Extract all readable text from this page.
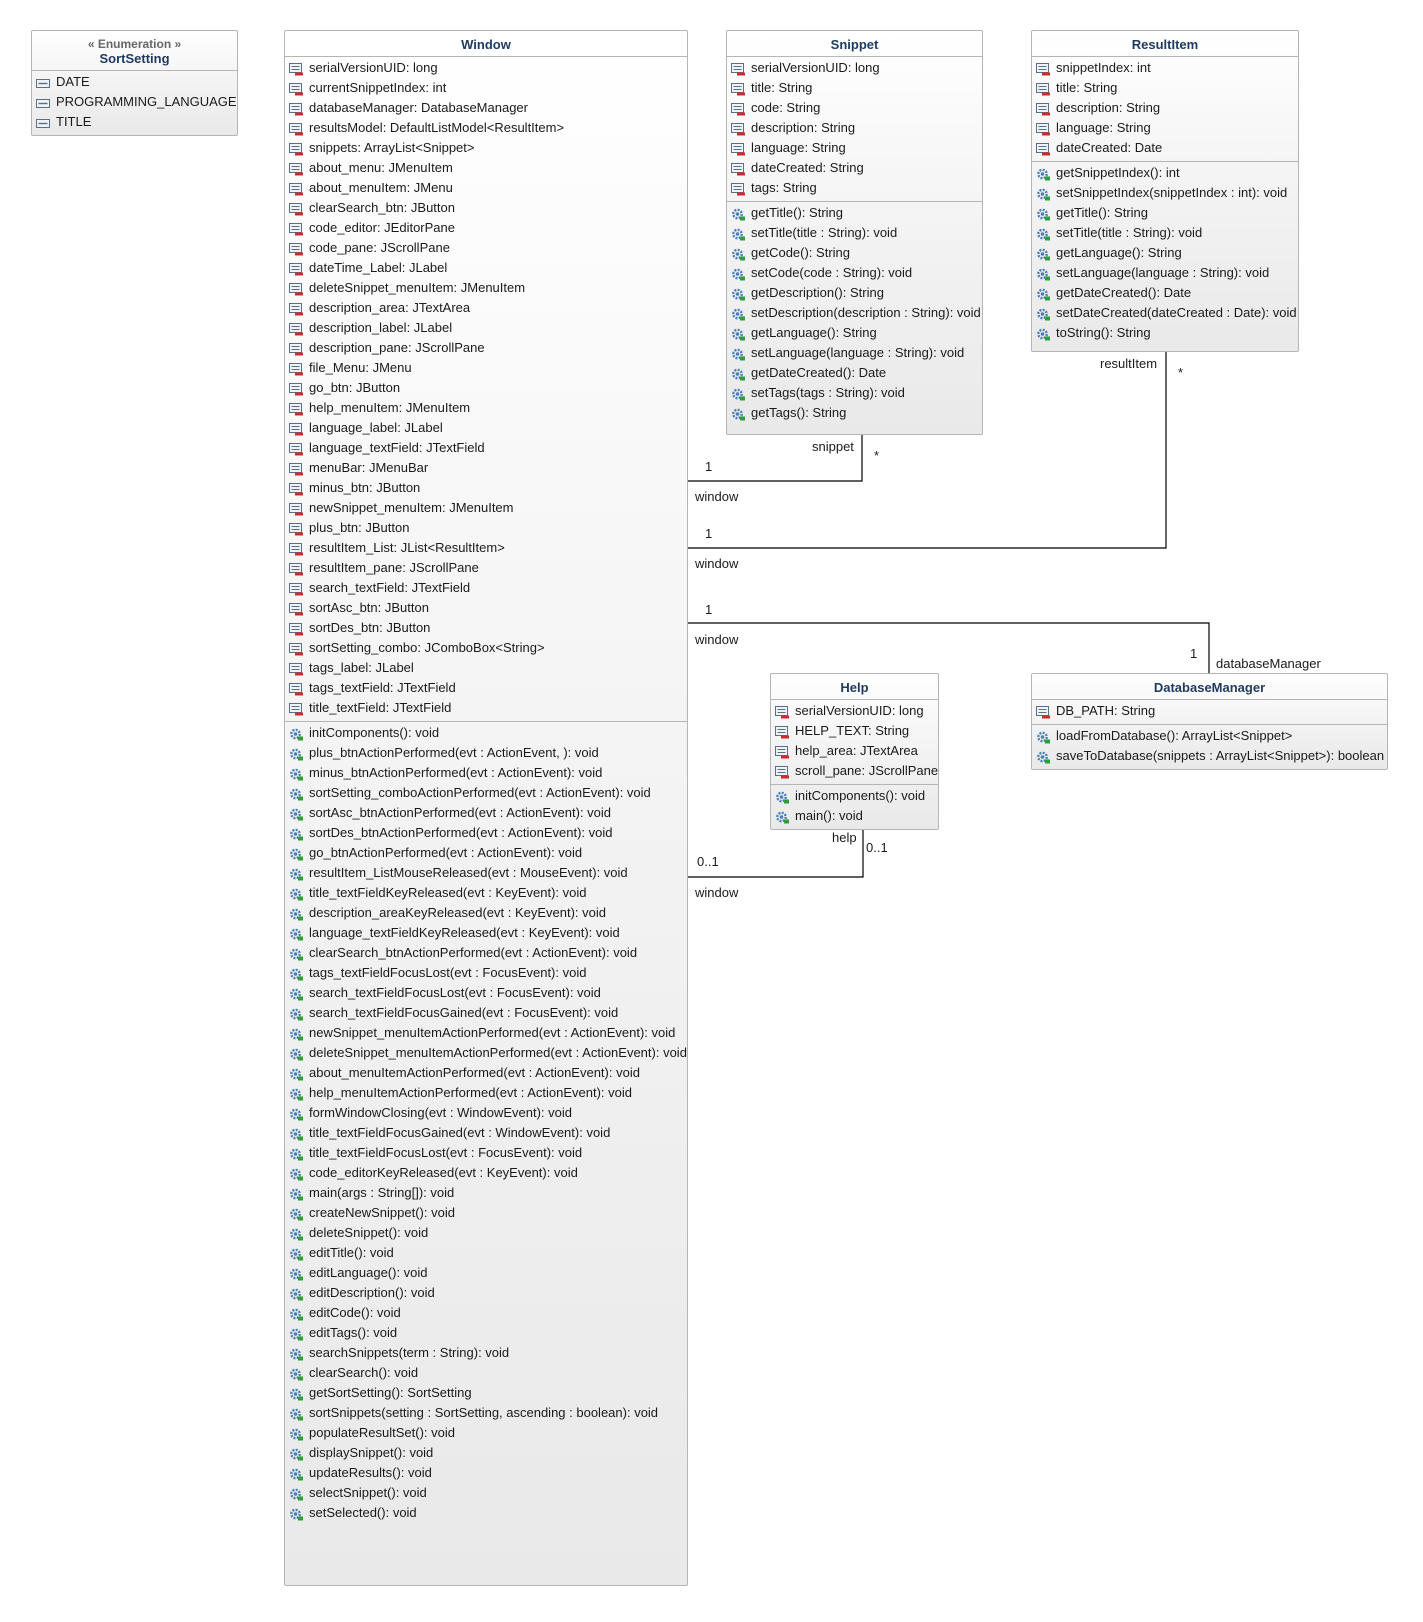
« Enumeration »
SortSetting
DATE
PROGRAMMING_LANGUAGE
TITLE
Window
serialVersionUID: long
currentSnippetIndex: int
databaseManager: DatabaseManager
resultsModel: DefaultListModel<ResultItem>
snippets: ArrayList<Snippet>
about_menu: JMenuItem
about_menuItem: JMenu
clearSearch_btn: JButton
code_editor: JEditorPane
code_pane: JScrollPane
dateTime_Label: JLabel
deleteSnippet_menuItem: JMenuItem
description_area: JTextArea
description_label: JLabel
description_pane: JScrollPane
file_Menu: JMenu
go_btn: JButton
help_menuItem: JMenuItem
language_label: JLabel
language_textField: JTextField
menuBar: JMenuBar
minus_btn: JButton
newSnippet_menuItem: JMenuItem
plus_btn: JButton
resultItem_List: JList<ResultItem>
resultItem_pane: JScrollPane
search_textField: JTextField
sortAsc_btn: JButton
sortDes_btn: JButton
sortSetting_combo: JComboBox<String>
tags_label: JLabel
tags_textField: JTextField
title_textField: JTextField
initComponents(): void
plus_btnActionPerformed(evt : ActionEvent, ): void
minus_btnActionPerformed(evt : ActionEvent): void
sortSetting_comboActionPerformed(evt : ActionEvent): void
sortAsc_btnActionPerformed(evt : ActionEvent): void
sortDes_btnActionPerformed(evt : ActionEvent): void
go_btnActionPerformed(evt : ActionEvent): void
resultItem_ListMouseReleased(evt : MouseEvent): void
title_textFieldKeyReleased(evt : KeyEvent): void
description_areaKeyReleased(evt : KeyEvent): void
language_textFieldKeyReleased(evt : KeyEvent): void
clearSearch_btnActionPerformed(evt : ActionEvent): void
tags_textFieldFocusLost(evt : FocusEvent): void
search_textFieldFocusLost(evt : FocusEvent): void
search_textFieldFocusGained(evt : FocusEvent): void
newSnippet_menuItemActionPerformed(evt : ActionEvent): void
deleteSnippet_menuItemActionPerformed(evt : ActionEvent): void
about_menuItemActionPerformed(evt : ActionEvent): void
help_menuItemActionPerformed(evt : ActionEvent): void
formWindowClosing(evt : WindowEvent): void
title_textFieldFocusGained(evt : WindowEvent): void
title_textFieldFocusLost(evt : FocusEvent): void
code_editorKeyReleased(evt : KeyEvent): void
main(args : String[]): void
createNewSnippet(): void
deleteSnippet(): void
editTitle(): void
editLanguage(): void
editDescription(): void
editCode(): void
editTags(): void
searchSnippets(term : String): void
clearSearch(): void
getSortSetting(): SortSetting
sortSnippets(setting : SortSetting, ascending : boolean): void
populateResultSet(): void
displaySnippet(): void
updateResults(): void
selectSnippet(): void
setSelected(): void
Snippet
serialVersionUID: long
title: String
code: String
description: String
language: String
dateCreated: String
tags: String
getTitle(): String
setTitle(title : String): void
getCode(): String
setCode(code : String): void
getDescription(): String
setDescription(description : String): void
getLanguage(): String
setLanguage(language : String): void
getDateCreated(): Date
setTags(tags : String): void
getTags(): String
ResultItem
snippetIndex: int
title: String
description: String
language: String
dateCreated: Date
getSnippetIndex(): int
setSnippetIndex(snippetIndex : int): void
getTitle(): String
setTitle(title : String): void
getLanguage(): String
setLanguage(language : String): void
getDateCreated(): Date
setDateCreated(dateCreated : Date): void
toString(): String
Help
serialVersionUID: long
HELP_TEXT: String
help_area: JTextArea
scroll_pane: JScrollPane
initComponents(): void
main(): void
DatabaseManager
DB_PATH: String
loadFromDatabase(): ArrayList<Snippet>
saveToDatabase(snippets : ArrayList<Snippet>): boolean
1
window
snippet
*
1
window
resultItem
*
1
window
1
databaseManager
0..1
window
help
0..1
